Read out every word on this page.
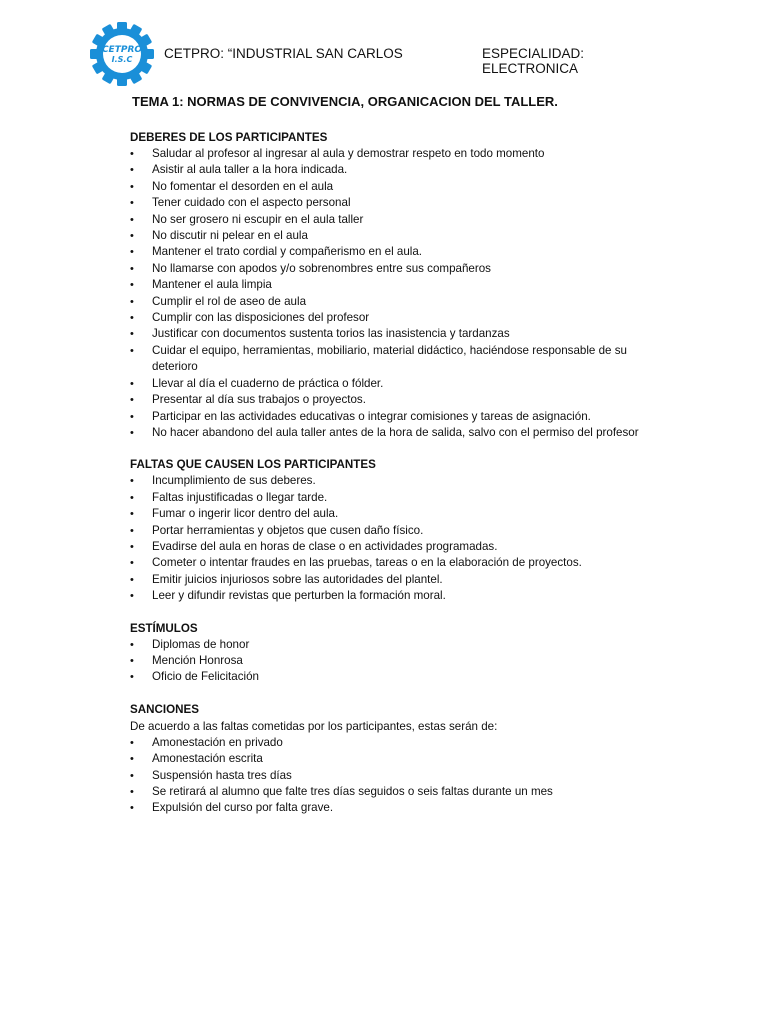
CETPRO
I.S.C CETPRO: “INDUSTRIAL SAN CARLOS	ESPECIALIDAD: ELECTRONICA
TEMA 1: NORMAS DE CONVIVENCIA, ORGANICACION DEL TALLER.
DEBERES DE LOS PARTICIPANTES
•	Saludar al profesor al ingresar al aula y demostrar respeto en todo momento
•	Asistir al aula taller a la hora indicada.
•	No fomentar el desorden en el aula
•	Tener cuidado con el aspecto personal
•	No ser grosero ni escupir en el aula taller
•	No discutir ni pelear en el aula
•	Mantener el trato cordial y compañerismo en el aula.
•	No llamarse con apodos y/o sobrenombres entre sus compañeros
•	Mantener el aula limpia
•	Cumplir el rol de aseo de aula
•	Cumplir con las disposiciones del profesor
•	Justificar con documentos sustenta torios las inasistencia y tardanzas
•	Cuidar el equipo, herramientas, mobiliario, material didáctico, haciéndose responsable de su deterioro
•	Llevar al día el cuaderno de práctica o fólder.
•	Presentar al día sus trabajos o proyectos.
•	Participar en las actividades educativas o integrar comisiones y tareas de asignación.
•	No hacer abandono del aula taller antes de la hora de salida, salvo con el permiso del profesor
FALTAS QUE CAUSEN LOS PARTICIPANTES
•	Incumplimiento de sus deberes.
•	Faltas injustificadas o llegar tarde.
•	Fumar o ingerir licor dentro del aula.
•	Portar herramientas y objetos que cusen daño físico.
•	Evadirse del aula en horas de clase o en actividades programadas.
•	Cometer o intentar fraudes en las pruebas, tareas o en la elaboración de proyectos.
•	Emitir juicios injuriosos sobre las autoridades del plantel.
•	Leer y difundir revistas que perturben la formación moral.
ESTÍMULOS
•	Diplomas de honor
•	Mención Honrosa
•	Oficio de Felicitación
SANCIONES
De acuerdo a las faltas cometidas por los participantes, estas serán de:
•	Amonestación en privado
•	Amonestación escrita
•	Suspensión hasta tres días
•	Se retirará al alumno que falte tres días seguidos o seis faltas durante un mes
•	Expulsión del curso por falta grave.
